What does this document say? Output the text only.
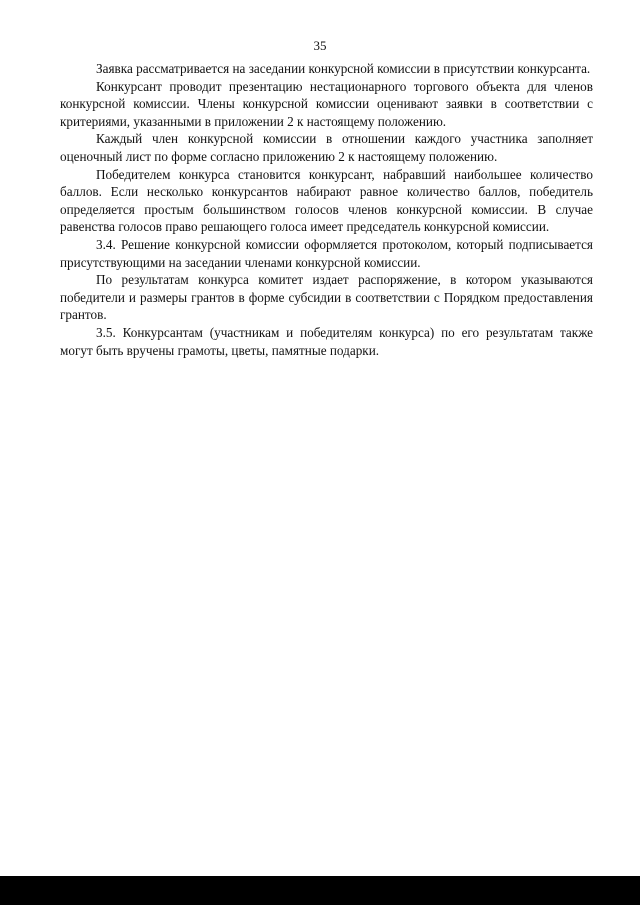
35

Заявка рассматривается на заседании конкурсной комиссии в присутствии конкурсанта.

Конкурсант проводит презентацию нестационарного торгового объекта для членов конкурсной комиссии. Члены конкурсной комиссии оценивают заявки в соответствии с критериями, указанными в приложении 2 к настоящему положению.

Каждый член конкурсной комиссии в отношении каждого участника заполняет оценочный лист по форме согласно приложению 2 к настоящему положению.

Победителем конкурса становится конкурсант, набравший наибольшее количество баллов. Если несколько конкурсантов набирают равное количество баллов, победитель определяется простым большинством голосов членов конкурсной комиссии. В случае равенства голосов право решающего голоса имеет председатель конкурсной комиссии.

3.4. Решение конкурсной комиссии оформляется протоколом, который подписывается присутствующими на заседании членами конкурсной комиссии.

По результатам конкурса комитет издает распоряжение, в котором указываются победители и размеры грантов в форме субсидии в соответствии с Порядком предоставления грантов.

3.5. Конкурсантам (участникам и победителям конкурса) по его результатам также могут быть вручены грамоты, цветы, памятные подарки.
